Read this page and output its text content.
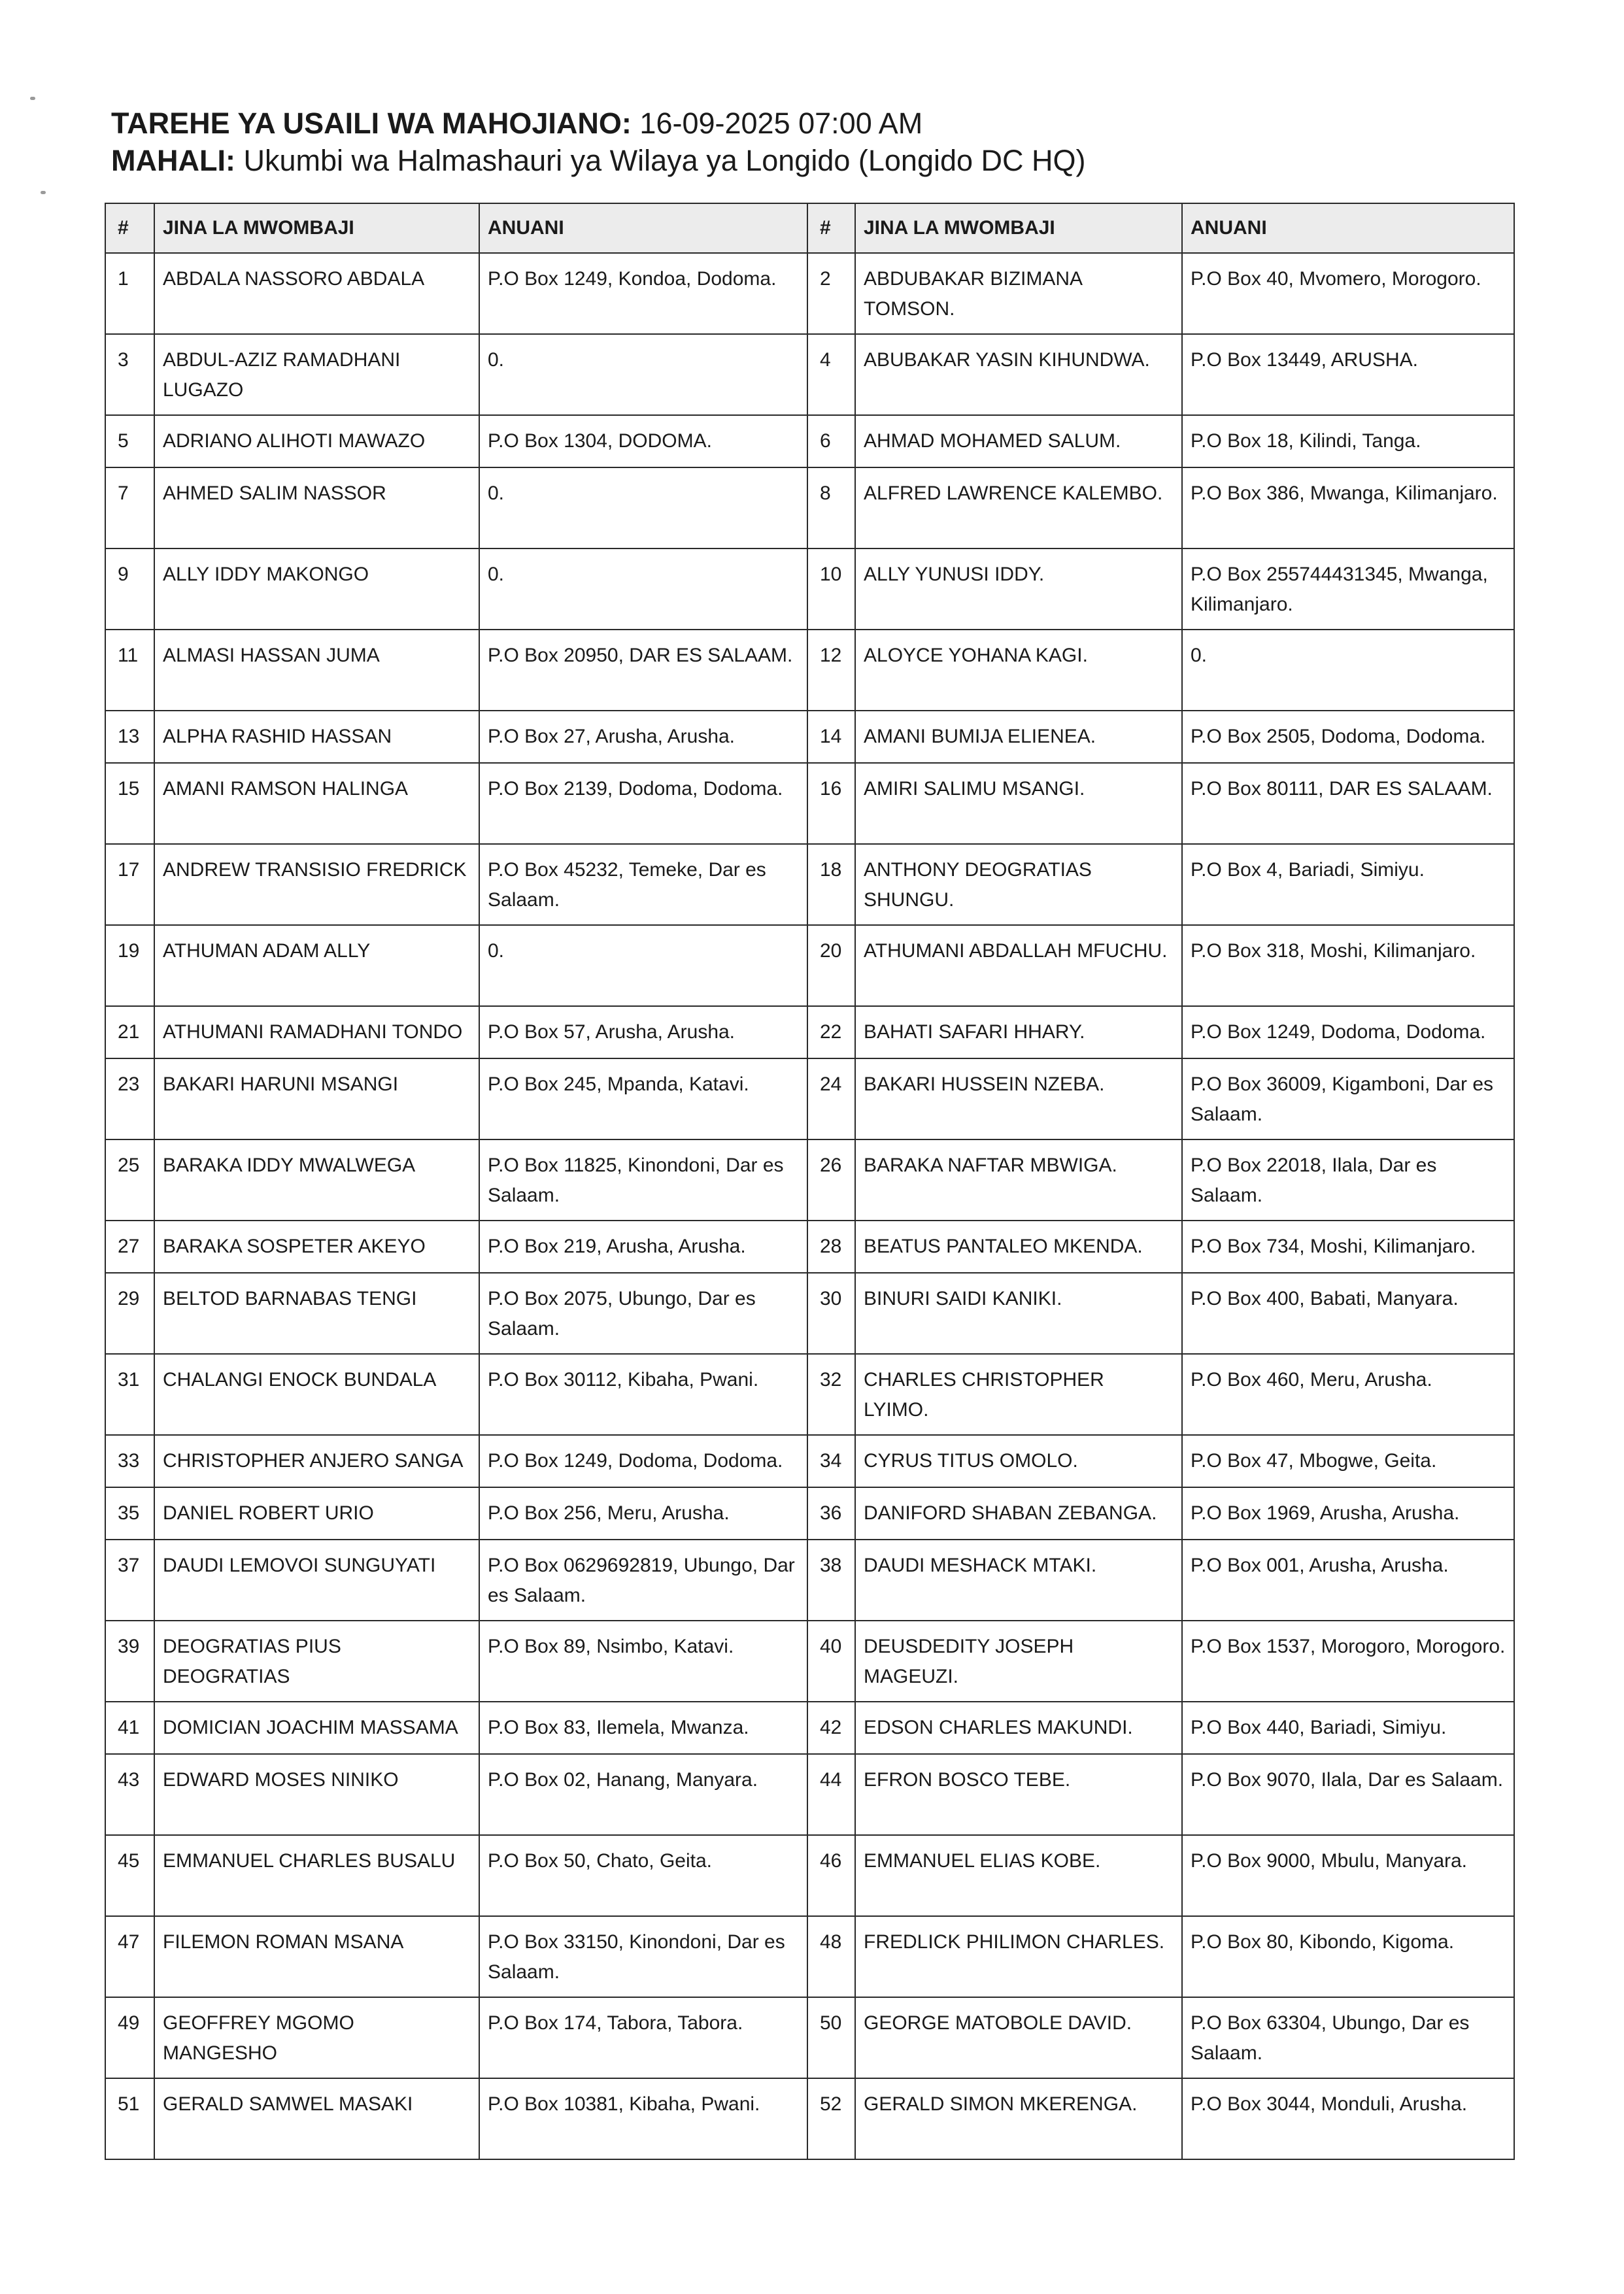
TAREHE YA USAILI WA MAHOJIANO: 16-09-2025 07:00 AM
MAHALI: Ukumbi wa Halmashauri ya Wilaya ya Longido (Longido DC HQ)
#	JINA LA MWOMBAJI	ANUANI	#	JINA LA MWOMBAJI	ANUANI
1	ABDALA NASSORO ABDALA	P.O Box 1249, Kondoa, Dodoma.	2	ABDUBAKAR BIZIMANA TOMSON.	P.O Box 40, Mvomero, Morogoro.
3	ABDUL-AZIZ RAMADHANI LUGAZO	0.	4	ABUBAKAR YASIN KIHUNDWA.	P.O Box 13449, ARUSHA.
5	ADRIANO ALIHOTI MAWAZO	P.O Box 1304, DODOMA.	6	AHMAD MOHAMED SALUM.	P.O Box 18, Kilindi, Tanga.
7	AHMED SALIM NASSOR	0.	8	ALFRED LAWRENCE KALEMBO.	P.O Box 386, Mwanga, Kilimanjaro.
9	ALLY IDDY MAKONGO	0.	10	ALLY YUNUSI IDDY.	P.O Box 255744431345, Mwanga, Kilimanjaro.
11	ALMASI HASSAN JUMA	P.O Box 20950, DAR ES SALAAM.	12	ALOYCE YOHANA KAGI.	0.
13	ALPHA RASHID HASSAN	P.O Box 27, Arusha, Arusha.	14	AMANI BUMIJA ELIENEA.	P.O Box 2505, Dodoma, Dodoma.
15	AMANI RAMSON HALINGA	P.O Box 2139, Dodoma, Dodoma.	16	AMIRI SALIMU MSANGI.	P.O Box 80111, DAR ES SALAAM.
17	ANDREW TRANSISIO FREDRICK	P.O Box 45232, Temeke, Dar es Salaam.	18	ANTHONY DEOGRATIAS SHUNGU.	P.O Box 4, Bariadi, Simiyu.
19	ATHUMAN ADAM ALLY	0.	20	ATHUMANI ABDALLAH MFUCHU.	P.O Box 318, Moshi, Kilimanjaro.
21	ATHUMANI RAMADHANI TONDO	P.O Box 57, Arusha, Arusha.	22	BAHATI SAFARI HHARY.	P.O Box 1249, Dodoma, Dodoma.
23	BAKARI HARUNI MSANGI	P.O Box 245, Mpanda, Katavi.	24	BAKARI HUSSEIN NZEBA.	P.O Box 36009, Kigamboni, Dar es Salaam.
25	BARAKA IDDY MWALWEGA	P.O Box 11825, Kinondoni, Dar es Salaam.	26	BARAKA NAFTAR MBWIGA.	P.O Box 22018, Ilala, Dar es Salaam.
27	BARAKA SOSPETER AKEYO	P.O Box 219, Arusha, Arusha.	28	BEATUS PANTALEO MKENDA.	P.O Box 734, Moshi, Kilimanjaro.
29	BELTOD BARNABAS TENGI	P.O Box 2075, Ubungo, Dar es Salaam.	30	BINURI SAIDI KANIKI.	P.O Box 400, Babati, Manyara.
31	CHALANGI ENOCK BUNDALA	P.O Box 30112, Kibaha, Pwani.	32	CHARLES CHRISTOPHER LYIMO.	P.O Box 460, Meru, Arusha.
33	CHRISTOPHER ANJERO SANGA	P.O Box 1249, Dodoma, Dodoma.	34	CYRUS TITUS OMOLO.	P.O Box 47, Mbogwe, Geita.
35	DANIEL ROBERT URIO	P.O Box 256, Meru, Arusha.	36	DANIFORD SHABAN ZEBANGA.	P.O Box 1969, Arusha, Arusha.
37	DAUDI LEMOVOI SUNGUYATI	P.O Box 0629692819, Ubungo, Dar es Salaam.	38	DAUDI MESHACK MTAKI.	P.O Box 001, Arusha, Arusha.
39	DEOGRATIAS PIUS DEOGRATIAS	P.O Box 89, Nsimbo, Katavi.	40	DEUSDEDITY JOSEPH MAGEUZI.	P.O Box 1537, Morogoro, Morogoro.
41	DOMICIAN JOACHIM MASSAMA	P.O Box 83, Ilemela, Mwanza.	42	EDSON CHARLES MAKUNDI.	P.O Box 440, Bariadi, Simiyu.
43	EDWARD MOSES NINIKO	P.O Box 02, Hanang, Manyara.	44	EFRON BOSCO TEBE.	P.O Box 9070, Ilala, Dar es Salaam.
45	EMMANUEL CHARLES BUSALU	P.O Box 50, Chato, Geita.	46	EMMANUEL ELIAS KOBE.	P.O Box 9000, Mbulu, Manyara.
47	FILEMON ROMAN MSANA	P.O Box 33150, Kinondoni, Dar es Salaam.	48	FREDLICK PHILIMON CHARLES.	P.O Box 80, Kibondo, Kigoma.
49	GEOFFREY MGOMO MANGESHO	P.O Box 174, Tabora, Tabora.	50	GEORGE MATOBOLE DAVID.	P.O Box 63304, Ubungo, Dar es Salaam.
51	GERALD SAMWEL MASAKI	P.O Box 10381, Kibaha, Pwani.	52	GERALD SIMON MKERENGA.	P.O Box 3044, Monduli, Arusha.
